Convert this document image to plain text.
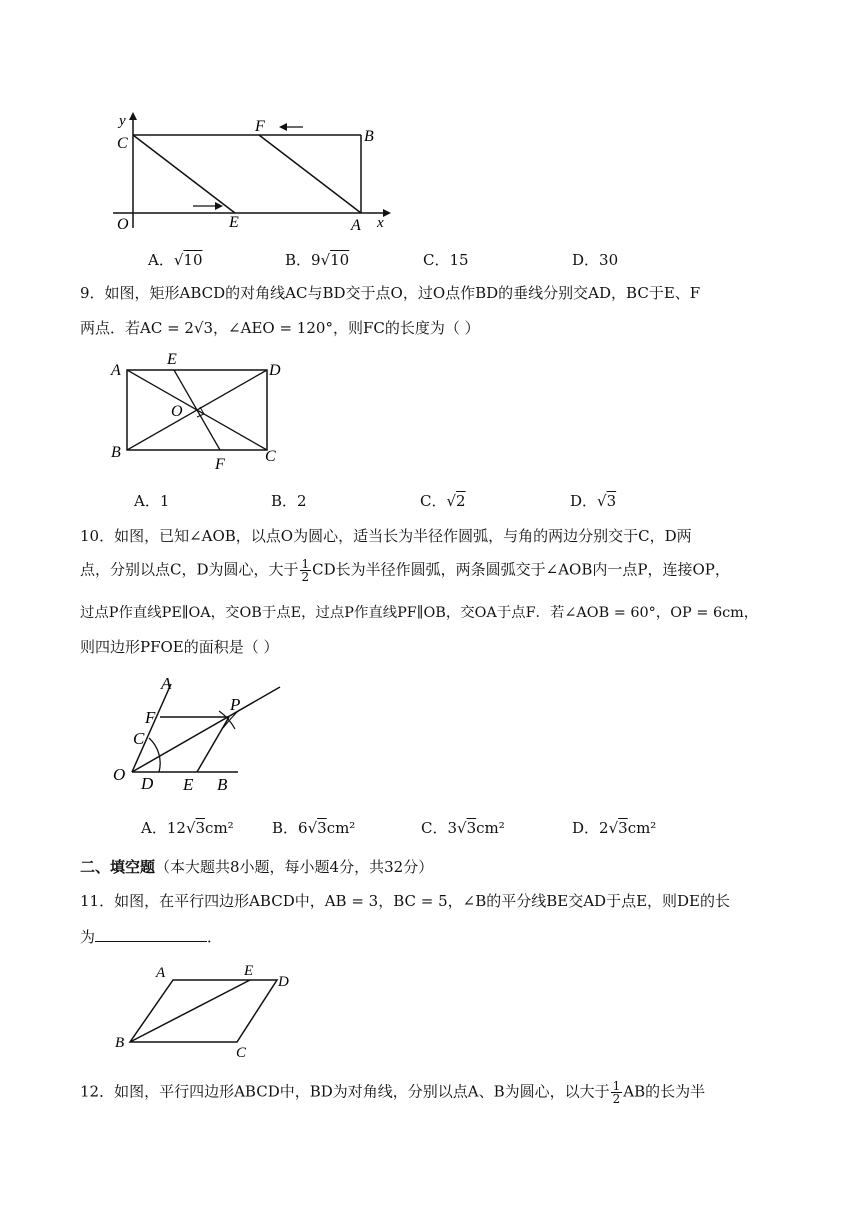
y
C
F
B
O	E	A x
A．√10	B．9√10	C．15	D．30
9．如图，矩形ABCD的对角线AC与BD交于点O，过O点作BD的垂线分别交AD，BC于E、F
两点．若AC = 2√3，∠AEO = 120°，则FC的长度为（ ）
A
E
D
O
B
F	C
A．1	B．2	C．√2	D．√3
10．如图，已知∠AOB，以点O为圆心，适当长为半径作圆弧，与角的两边分别交于C，D两
点，分别以点C，D为圆心，大于 $\frac{1}{2}$ CD长为半径作圆弧，两条圆弧交于∠AOB内一点P，连接OP，
过点P作直线PE∥OA，交OB于点E，过点P作直线PF∥OB，交OA于点F．若∠AOB = 60°，OP = 6cm，
则四边形PFOE的面积是（ ）
A
F
P
C
O D E B
A．12√3cm²	B．6√3cm²	C．3√3cm²	D．2√3cm²
二、填空题（本大题共8小题，每小题4分，共32分）
11．如图，在平行四边形ABCD中，AB = 3，BC = 5，∠B的平分线BE交AD于点E，则DE的长
为	．
A	E
D
B
C
12．如图，平行四边形ABCD中，BD为对角线，分别以点A、B为圆心，以大于 $\frac{1}{2}$ AB的长为半
